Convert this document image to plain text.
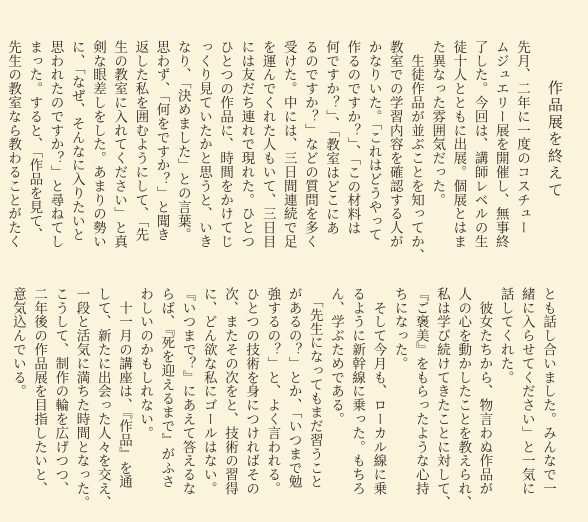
作品展を終えて
先月、二年に一度のコスチュー
ムジュエリー展を開催し、無事終
了した。今回は、講師レベルの生
徒十人とともに出展。個展とはま
た異なった雰囲気だった。
　生徒作品が並ぶことを知ってか、
教室での学習内容を確認する人が
かなりいた。「これはどうやって
作るのですか？」、「この材料は
何ですか？」、「教室はどこにあ
るのですか？」などの質問を多く
受けた。中には、三日間連続で足
を運んでくれた人もいて、三日目
には友だち連れで現れた。ひとつ
ひとつの作品に、時間をかけてじ
っくり見ていたかと思うと、いき
なり、「決めました」との言葉。
思わず、「何をですか？」と聞き
返した私を囲むようにして、「先
生の教室に入れてください」と真
剣な眼差しをした。あまりの勢い
に、「なぜ、そんなに入りたいと
思われたのですか？」と尋ねてし
まった。すると、「作品を見て、
先生の教室なら教わることがたく

とも話し合いました。みんなで一
緒に入らせてください」と一気に
話してくれた。
　彼女たちから、物言わぬ作品が
人の心を動かしたことを教えられ、
私は学び続けてきたことに対して、
『ご褒美』をもらったような心持
ちになった。
　そして今月も、ローカル線に乗
るように新幹線に乗った。もちろ
ん、学ぶためである。
　「先生になってもまだ習うこと
があるの？」とか、「いつまで勉
強するの？」と、よく言われる。
ひとつの技術を身につければその
次、またその次をと、技術の習得
に、どん欲な私にゴールはない。
『いつまで？』にあえて答えるな
らば、『死を迎えるまで』がふさ
わしいのかもしれない。
　十一月の講座は、『作品』を通
して、新たに出会った人々を交え、
一段と活気に満ちた時間となった。
こうして、制作の輪を広げつつ、
二年後の作品展を目指したいと、
意気込んでいる。
